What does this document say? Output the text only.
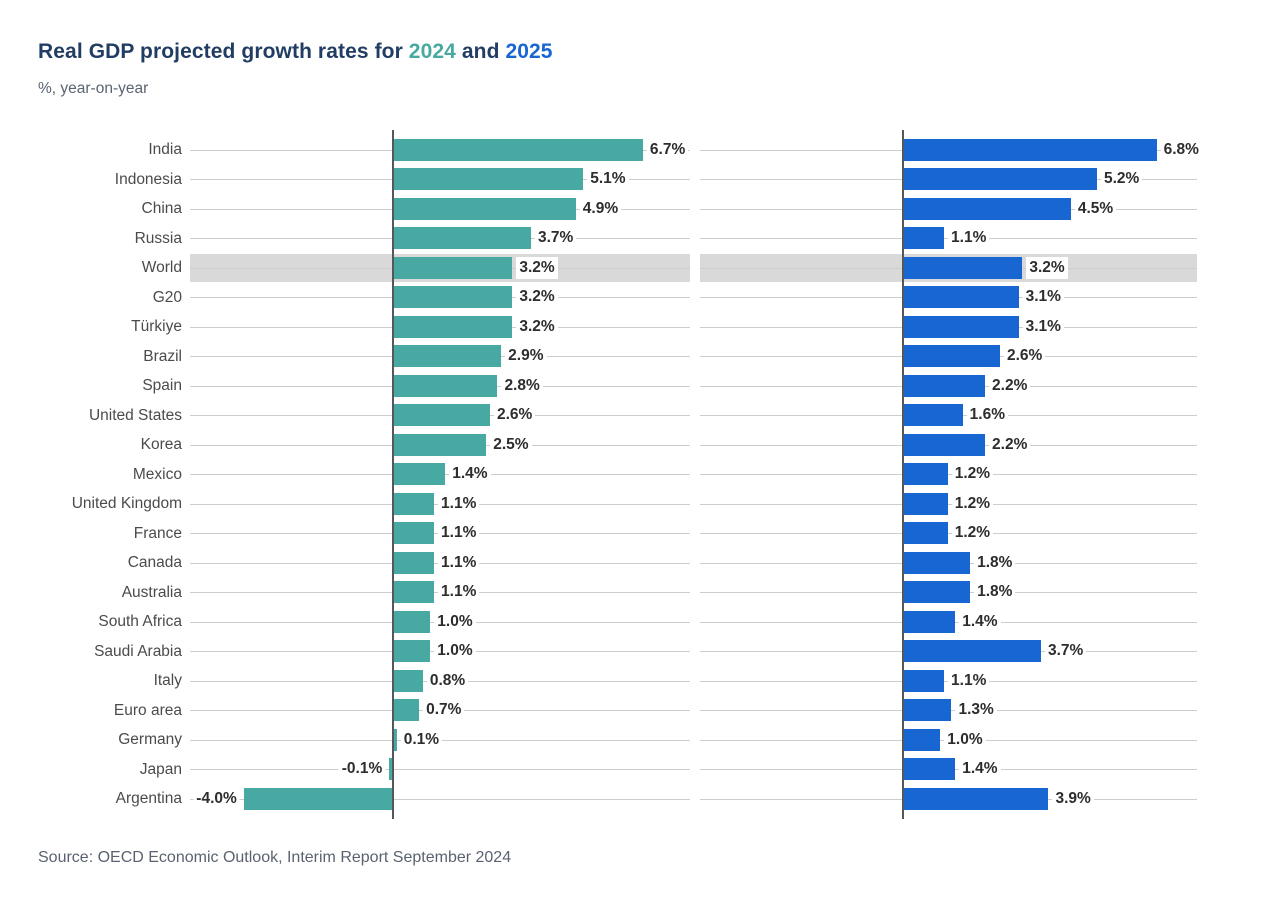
Real GDP projected growth rates for 2024 and 2025
%, year-on-year
India
Indonesia
China
Russia
World
G20
Türkiye
Brazil
Spain
United States
Korea
Mexico
United Kingdom
France
Canada
Australia
South Africa
Saudi Arabia
Italy
Euro area
Germany
Japan
Argentina
6.7%
5.1%
4.9%
3.7%
3.2%
3.2%
3.2%
2.9%
2.8%
2.6%
2.5%
1.4%
1.1%
1.1%
1.1%
1.1%
1.0%
1.0%
0.8%
0.7%
0.1%
-0.1%
-4.0%
6.8%
5.2%
4.5%
1.1%
3.2%
3.1%
3.1%
2.6%
2.2%
1.6%
2.2%
1.2%
1.2%
1.2%
1.8%
1.8%
1.4%
3.7%
1.1%
1.3%
1.0%
1.4%
3.9%
Source: OECD Economic Outlook, Interim Report September 2024
